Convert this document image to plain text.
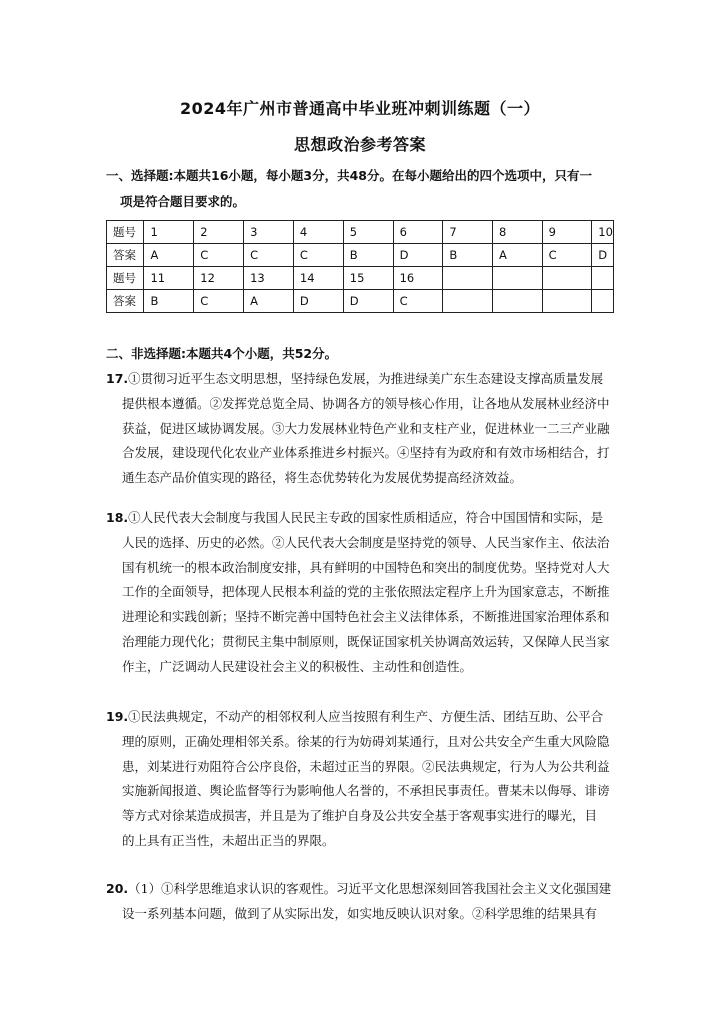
2024年广州市普通高中毕业班冲刺训练题（一）
思想政治参考答案
一、选择题:本题共16小题，每小题3分，共48分。在每小题给出的四个选项中，只有一
项是符合题目要求的。
题号	1	2	3	4	5	6	7	8	9	10
答案	A	C	C	C	B	D	B	A	C	D
题号	11	12	13	14	15	16				
答案	B	C	A	D	D	C				
二、非选择题:本题共4个小题，共52分。
17.①贯彻习近平生态文明思想，坚持绿色发展，为推进绿美广东生态建设支撑高质量发展
提供根本遵循。②发挥党总览全局、协调各方的领导核心作用，让各地从发展林业经济中
获益，促进区域协调发展。③大力发展林业特色产业和支柱产业，促进林业一二三产业融
合发展，建设现代化农业产业体系推进乡村振兴。④坚持有为政府和有效市场相结合，打
通生态产品价值实现的路径，将生态优势转化为发展优势提高经济效益。
18.①人民代表大会制度与我国人民民主专政的国家性质相适应，符合中国国情和实际，是
人民的选择、历史的必然。②人民代表大会制度是坚持党的领导、人民当家作主、依法治
国有机统一的根本政治制度安排，具有鲜明的中国特色和突出的制度优势。坚持党对人大
工作的全面领导，把体现人民根本利益的党的主张依照法定程序上升为国家意志，不断推
进理论和实践创新；坚持不断完善中国特色社会主义法律体系，不断推进国家治理体系和
治理能力现代化；贯彻民主集中制原则，既保证国家机关协调高效运转，又保障人民当家
作主，广泛调动人民建设社会主义的积极性、主动性和创造性。
19.①民法典规定，不动产的相邻权利人应当按照有利生产、方便生活、团结互助、公平合
理的原则，正确处理相邻关系。徐某的行为妨碍刘某通行，且对公共安全产生重大风险隐
患，刘某进行劝阻符合公序良俗，未超过正当的界限。②民法典规定，行为人为公共利益
实施新闻报道、舆论监督等行为影响他人名誉的，不承担民事责任。曹某未以侮辱、诽谤
等方式对徐某造成损害，并且是为了维护自身及公共安全基于客观事实进行的曝光，目
的上具有正当性，未超出正当的界限。
20.（1）①科学思维追求认识的客观性。习近平文化思想深刻回答我国社会主义文化强国建
设一系列基本问题，做到了从实际出发，如实地反映认识对象。②科学思维的结果具有
